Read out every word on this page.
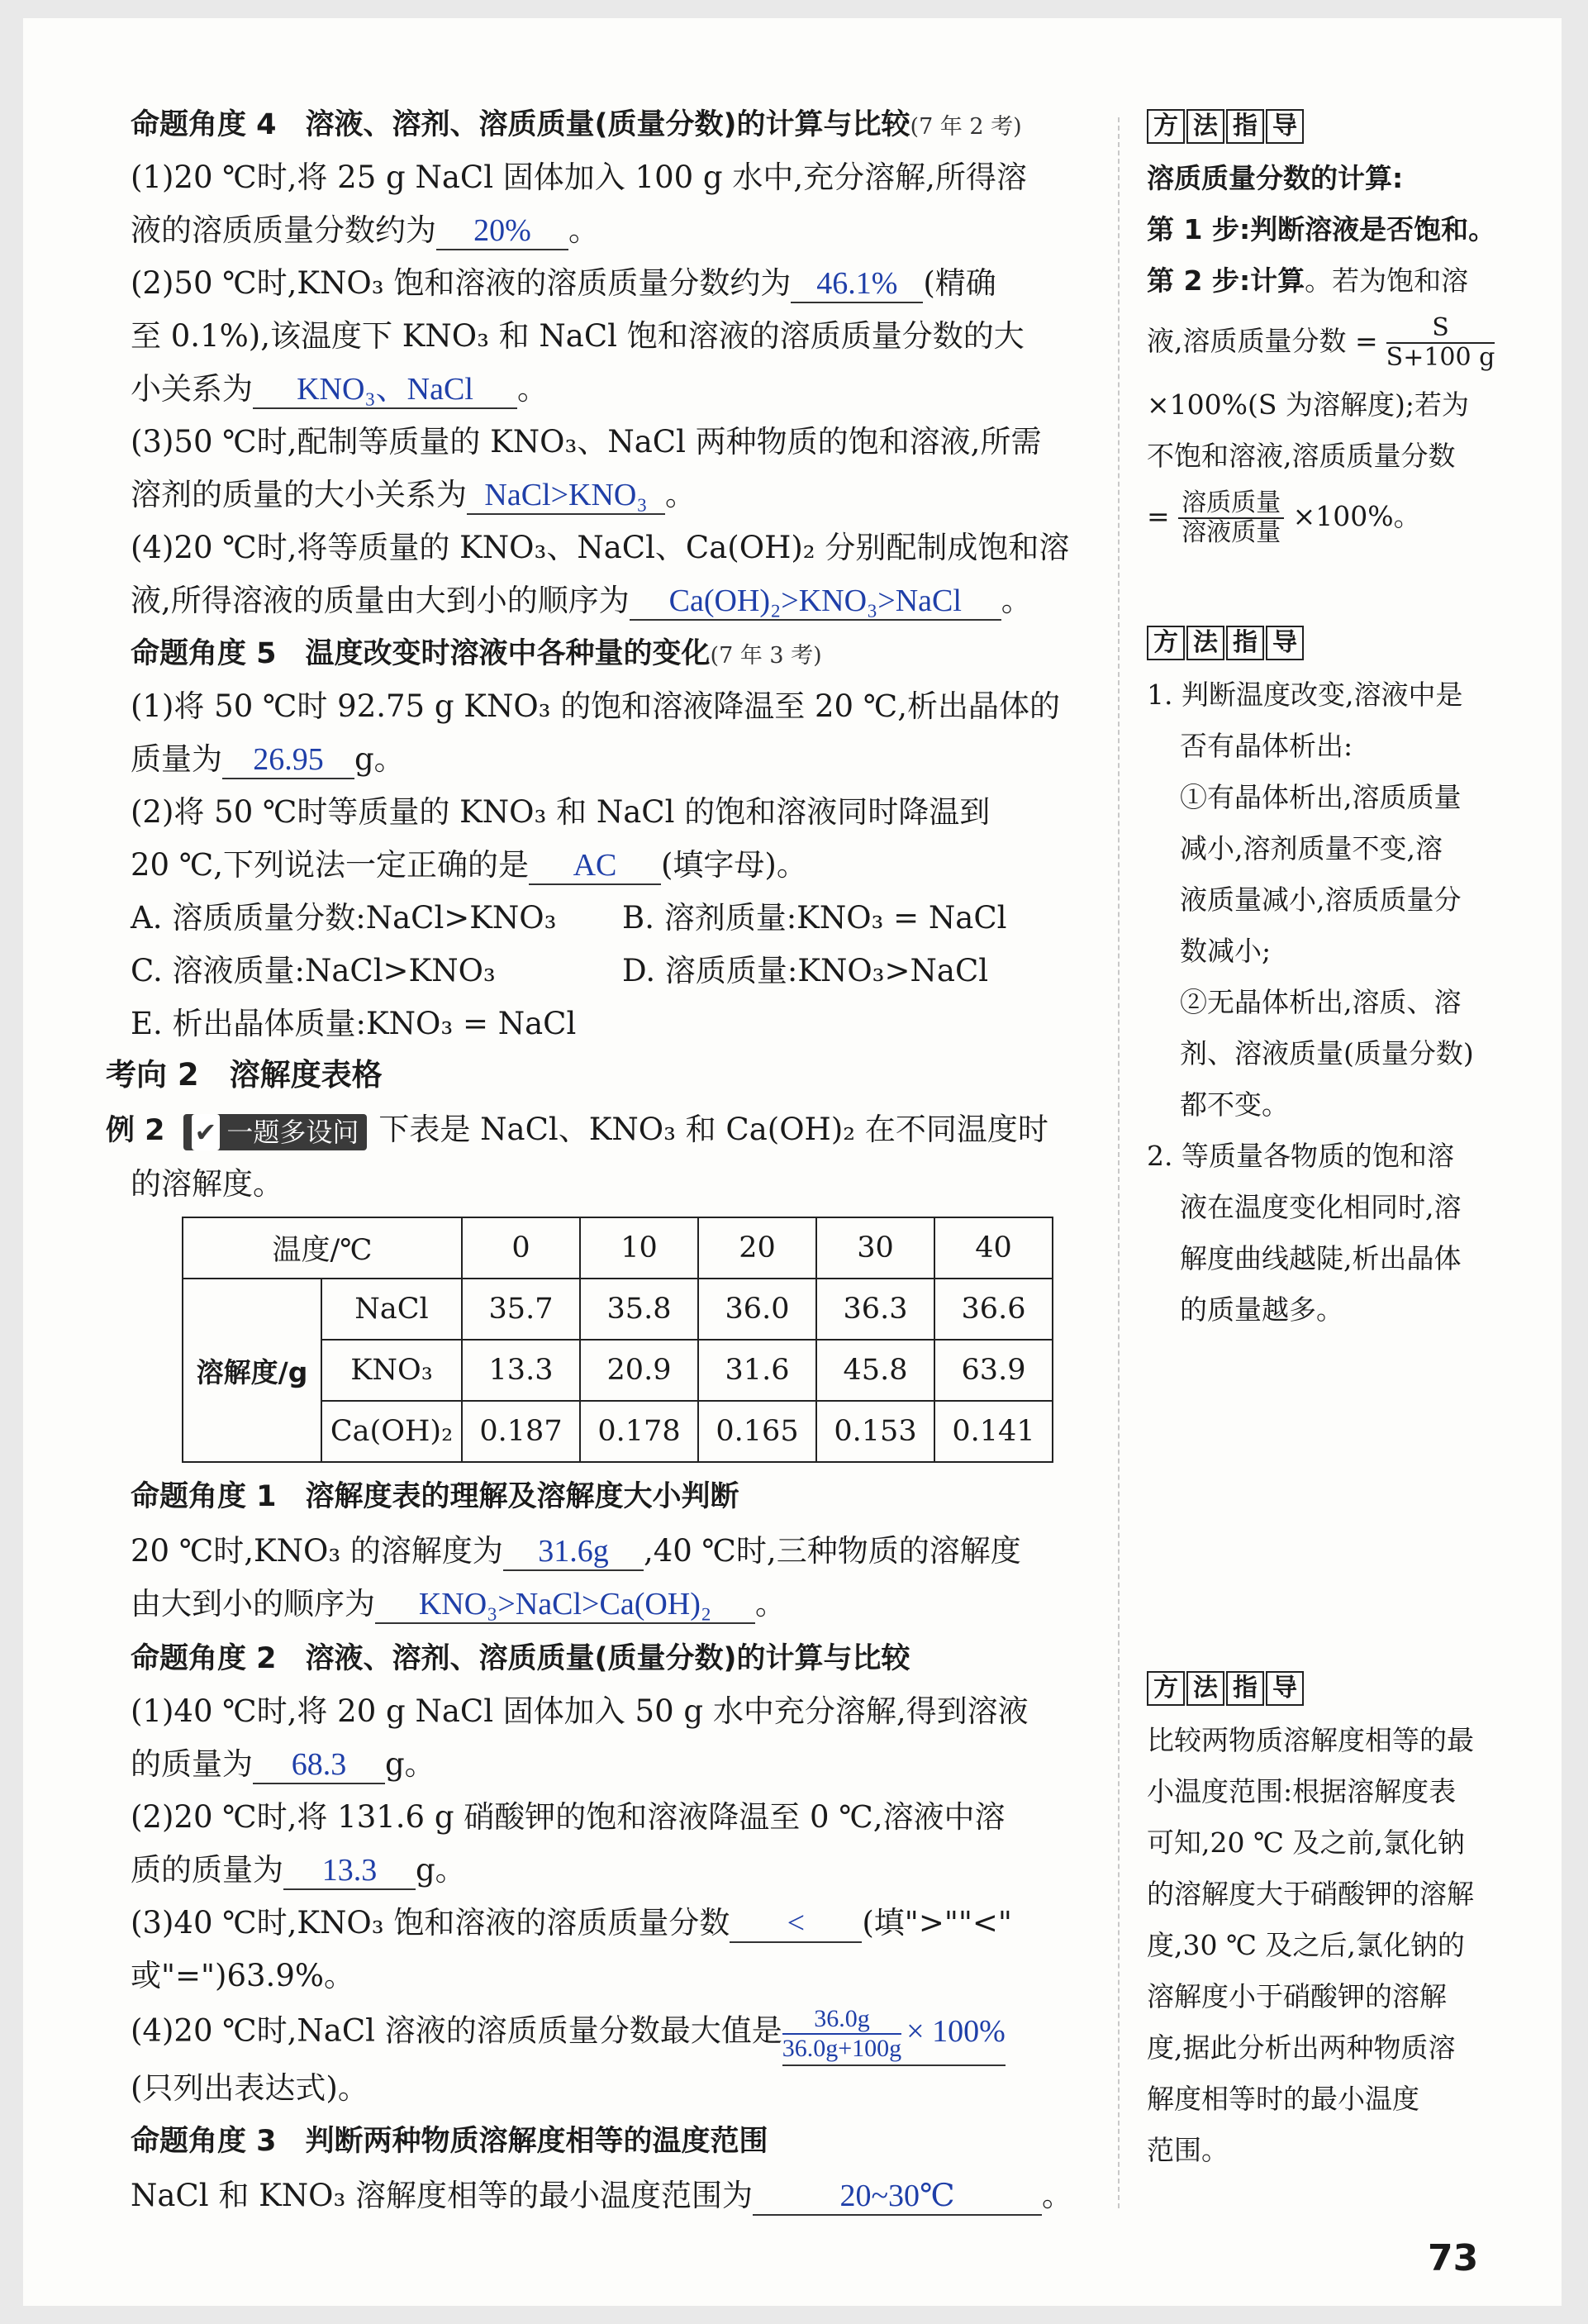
命题角度 4　溶液、溶剂、溶质质量(质量分数)的计算与比较(7 年 2 考)
(1)20 ℃时,将 25 g NaCl 固体加入 100 g 水中,充分溶解,所得溶
液的溶质质量分数约为 20% 。
(2)50 ℃时,KNO₃ 饱和溶液的溶质质量分数约为 46.1% (精确
至 0.1%),该温度下 KNO₃ 和 NaCl 饱和溶液的溶质质量分数的大
小关系为 KNO₃、NaCl 。
(3)50 ℃时,配制等质量的 KNO₃、NaCl 两种物质的饱和溶液,所需
溶剂的质量的大小关系为 NaCl>KNO₃ 。
(4)20 ℃时,将等质量的 KNO₃、NaCl、Ca(OH)₂ 分别配制成饱和溶
液,所得溶液的质量由大到小的顺序为 Ca(OH)₂>KNO₃>NaCl 。
命题角度 5　温度改变时溶液中各种量的变化(7 年 3 考)
(1)将 50 ℃时 92.75 g KNO₃ 的饱和溶液降温至 20 ℃,析出晶体的
质量为 26.95 g。
(2)将 50 ℃时等质量的 KNO₃ 和 NaCl 的饱和溶液同时降温到
20 ℃,下列说法一定正确的是 AC (填字母)。
A. 溶质质量分数:NaCl>KNO₃ B. 溶剂质量:KNO₃ = NaCl
C. 溶液质量:NaCl>KNO₃	D. 溶质质量:KNO₃>NaCl
E. 析出晶体质量:KNO₃ = NaCl
考向 2　溶解度表格
例 2 ✔ 一题多设问 下表是 NaCl、KNO₃ 和 Ca(OH)₂ 在不同温度时
的溶解度。
温度/℃		0	10	20	30	40
溶解度/g	NaCl	35.7	35.8	36.0	36.3	36.6
	KNO₃	13.3	20.9	31.6	45.8	63.9
	Ca(OH)₂	0.187	0.178	0.165	0.153	0.141
命题角度 1　溶解度表的理解及溶解度大小判断
20 ℃时,KNO₃ 的溶解度为 31.6g ,40 ℃时,三种物质的溶解度
由大到小的顺序为 KNO₃>NaCl>Ca(OH)₂ 。
命题角度 2　溶液、溶剂、溶质质量(质量分数)的计算与比较
(1)40 ℃时,将 20 g NaCl 固体加入 50 g 水中充分溶解,得到溶液
的质量为 68.3 g。
(2)20 ℃时,将 131.6 g 硝酸钾的饱和溶液降温至 0 ℃,溶液中溶
质的质量为 13.3 g。
(3)40 ℃时,KNO₃ 饱和溶液的溶质质量分数 < (填">""<"
或"=")63.9%。
(4)20 ℃时,NaCl 溶液的溶质质量分数最大值是 $\frac{36.0g}{36.0g+100g} \times 100\%$
(只列出表达式)。
命题角度 3　判断两种物质溶解度相等的温度范围
NaCl 和 KNO₃ 溶解度相等的最小温度范围为	20~30℃	。
方 法 指 导
溶质质量分数的计算:
第 1 步:判断溶液是否饱和。
第 2 步:计算。若为饱和溶
液,溶质质量分数 = $\frac{S}{S+100 g}$
×100%(S 为溶解度);若为
不饱和溶液,溶质质量分数
= $\frac{\text{溶质质量}}{\text{溶液质量}} \times 100\%$。
方 法 指 导
1. 判断温度改变,溶液中是
否有晶体析出:
①有晶体析出,溶质质量
减小,溶剂质量不变,溶
液质量减小,溶质质量分
数减小;
②无晶体析出,溶质、溶
剂、溶液质量(质量分数)
都不变。
2. 等质量各物质的饱和溶
液在温度变化相同时,溶
解度曲线越陡,析出晶体
的质量越多。
方 法 指 导
比较两物质溶解度相等的最
小温度范围:根据溶解度表
可知,20 ℃ 及之前,氯化钠
的溶解度大于硝酸钾的溶解
度,30 ℃ 及之后,氯化钠的
溶解度小于硝酸钾的溶解
度,据此分析出两种物质溶
解度相等时的最小温度
范围。
73
